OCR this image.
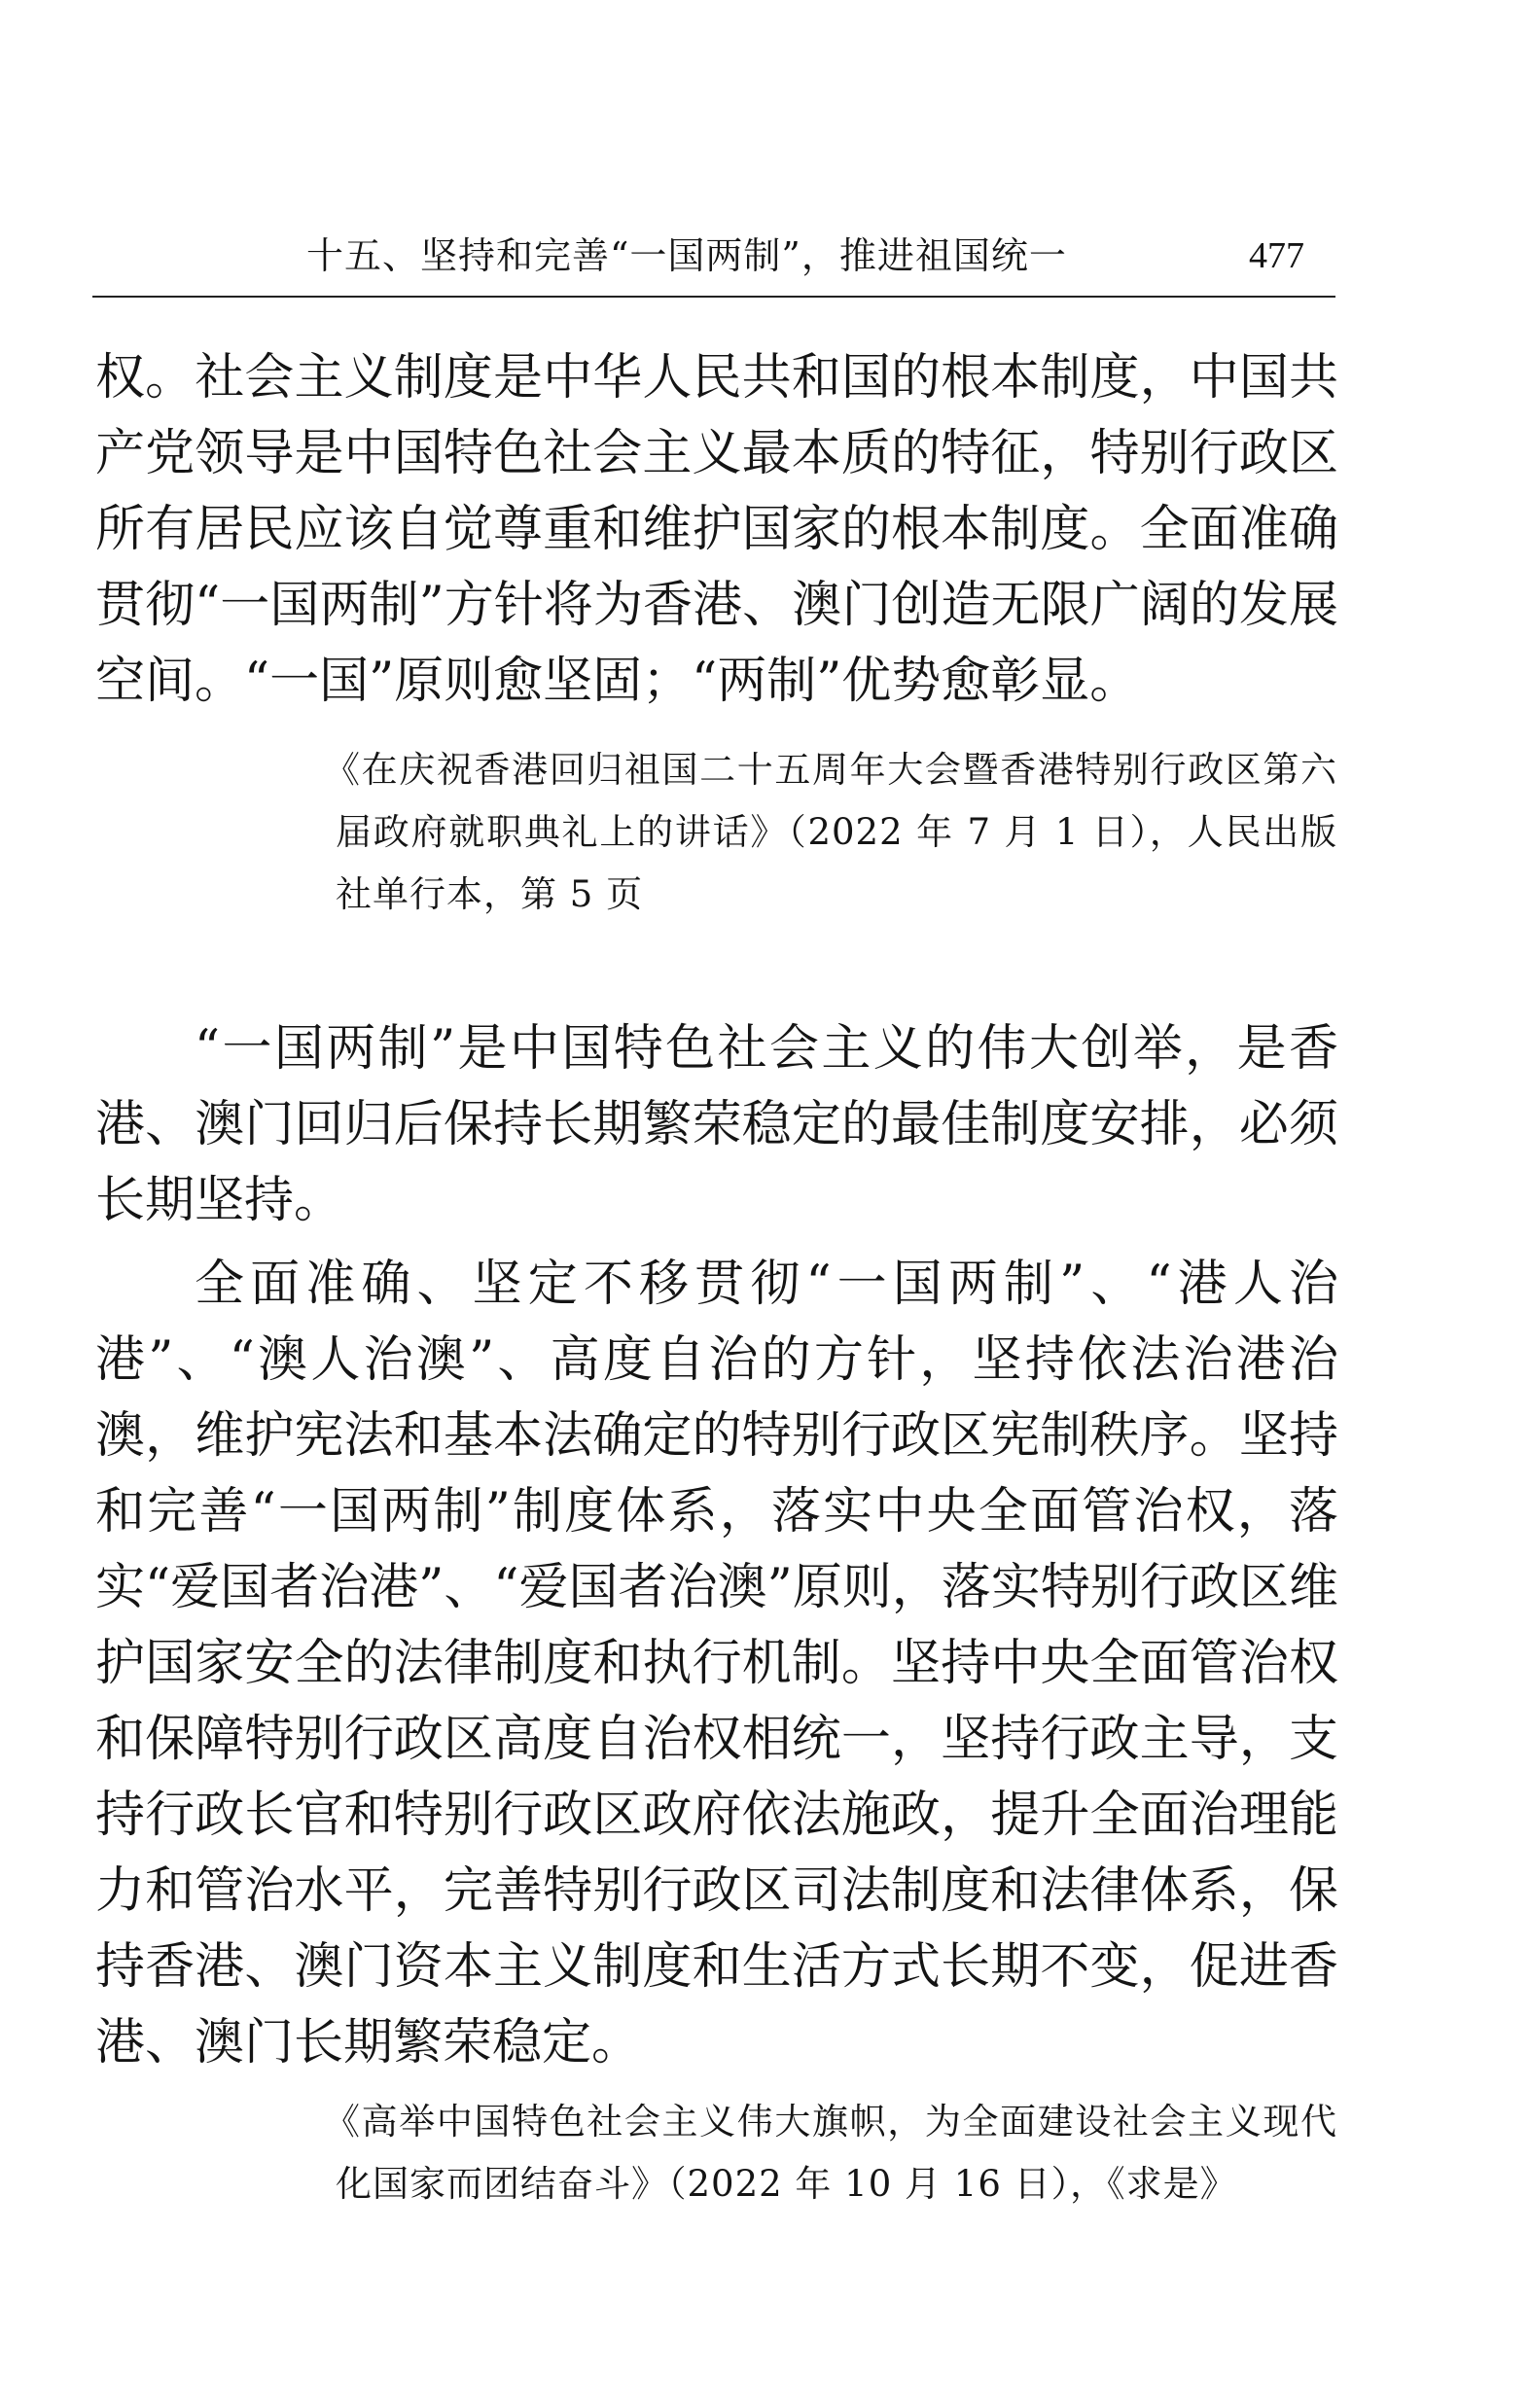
十五、坚持和完善“一国两制”，推进祖国统一	477

权。社会主义制度是中华人民共和国的根本制度，中国共产党领导是中国特色社会主义最本质的特征，特别行政区所有居民应该自觉尊重和维护国家的根本制度。全面准确贯彻“一国两制”方针将为香港、澳门创造无限广阔的发展空间。“一国”原则愈坚固；“两制”优势愈彰显。

《在庆祝香港回归祖国二十五周年大会暨香港特别行政区第六届政府就职典礼上的讲话》（2022 年 7 月 1 日），人民出版社单行本，第 5 页

“一国两制”是中国特色社会主义的伟大创举，是香港、澳门回归后保持长期繁荣稳定的最佳制度安排，必须长期坚持。

全面准确、坚定不移贯彻“一国两制”、“港人治港”、“澳人治澳”、高度自治的方针，坚持依法治港治澳，维护宪法和基本法确定的特别行政区宪制秩序。坚持和完善“一国两制”制度体系，落实中央全面管治权，落实“爱国者治港”、“爱国者治澳”原则，落实特别行政区维护国家安全的法律制度和执行机制。坚持中央全面管治权和保障特别行政区高度自治权相统一，坚持行政主导，支持行政长官和特别行政区政府依法施政，提升全面治理能力和管治水平，完善特别行政区司法制度和法律体系，保持香港、澳门资本主义制度和生活方式长期不变，促进香港、澳门长期繁荣稳定。

《高举中国特色社会主义伟大旗帜，为全面建设社会主义现代化国家而团结奋斗》（2022 年 10 月 16 日），《求是》
